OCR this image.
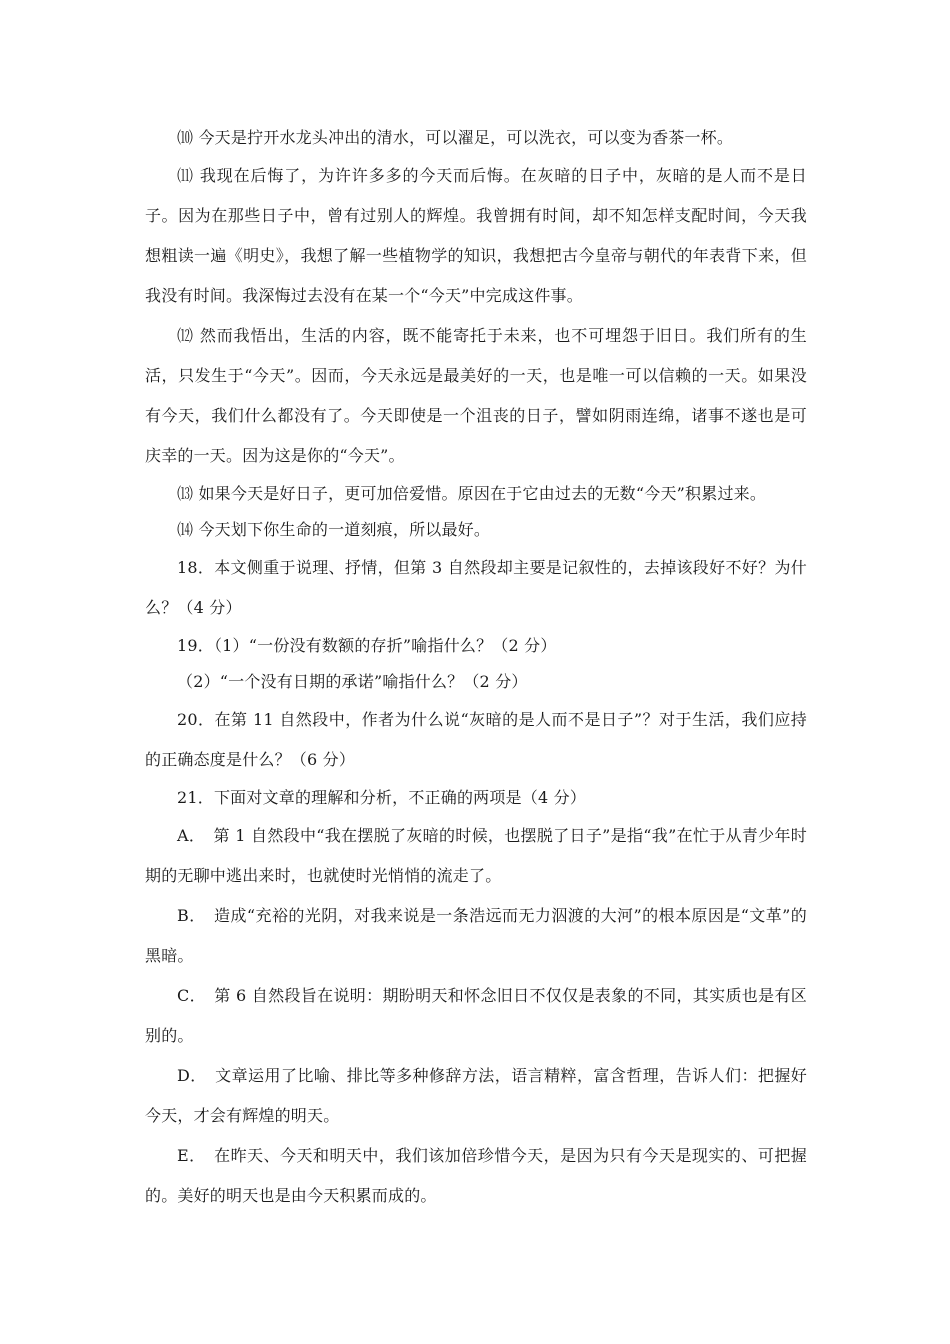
⑽ 今天是拧开水龙头冲出的清水，可以濯足，可以洗衣，可以变为香茶一杯。

⑾ 我现在后悔了，为许许多多的今天而后悔。在灰暗的日子中，灰暗的是人而不是日子。因为在那些日子中，曾有过别人的辉煌。我曾拥有时间，却不知怎样支配时间，今天我想粗读一遍《明史》，我想了解一些植物学的知识，我想把古今皇帝与朝代的年表背下来，但我没有时间。我深悔过去没有在某一个“今天”中完成这件事。

⑿ 然而我悟出，生活的内容，既不能寄托于未来，也不可埋怨于旧日。我们所有的生活，只发生于“今天”。因而，今天永远是最美好的一天，也是唯一可以信赖的一天。如果没有今天，我们什么都没有了。今天即使是一个沮丧的日子，譬如阴雨连绵，诸事不遂也是可庆幸的一天。因为这是你的“今天”。

⒀ 如果今天是好日子，更可加倍爱惜。原因在于它由过去的无数“今天”积累过来。

⒁ 今天划下你生命的一道刻痕，所以最好。

18．本文侧重于说理、抒情，但第 3 自然段却主要是记叙性的，去掉该段好不好？为什么？（4 分）

19．（1）“一份没有数额的存折”喻指什么？（2 分）

（2）“一个没有日期的承诺”喻指什么？（2 分）

20．在第 11 自然段中，作者为什么说“灰暗的是人而不是日子”？对于生活，我们应持的正确态度是什么？（6 分）

21．下面对文章的理解和分析，不正确的两项是（4 分）

A．　第 1 自然段中“我在摆脱了灰暗的时候，也摆脱了日子”是指“我”在忙于从青少年时期的无聊中逃出来时，也就使时光悄悄的流走了。

B．　造成“充裕的光阴，对我来说是一条浩远而无力泅渡的大河”的根本原因是“文革”的黑暗。

C．　第 6 自然段旨在说明：期盼明天和怀念旧日不仅仅是表象的不同，其实质也是有区别的。

D．　文章运用了比喻、排比等多种修辞方法，语言精粹，富含哲理，告诉人们：把握好今天，才会有辉煌的明天。

E．　在昨天、今天和明天中，我们该加倍珍惜今天，是因为只有今天是现实的、可把握的。美好的明天也是由今天积累而成的。
